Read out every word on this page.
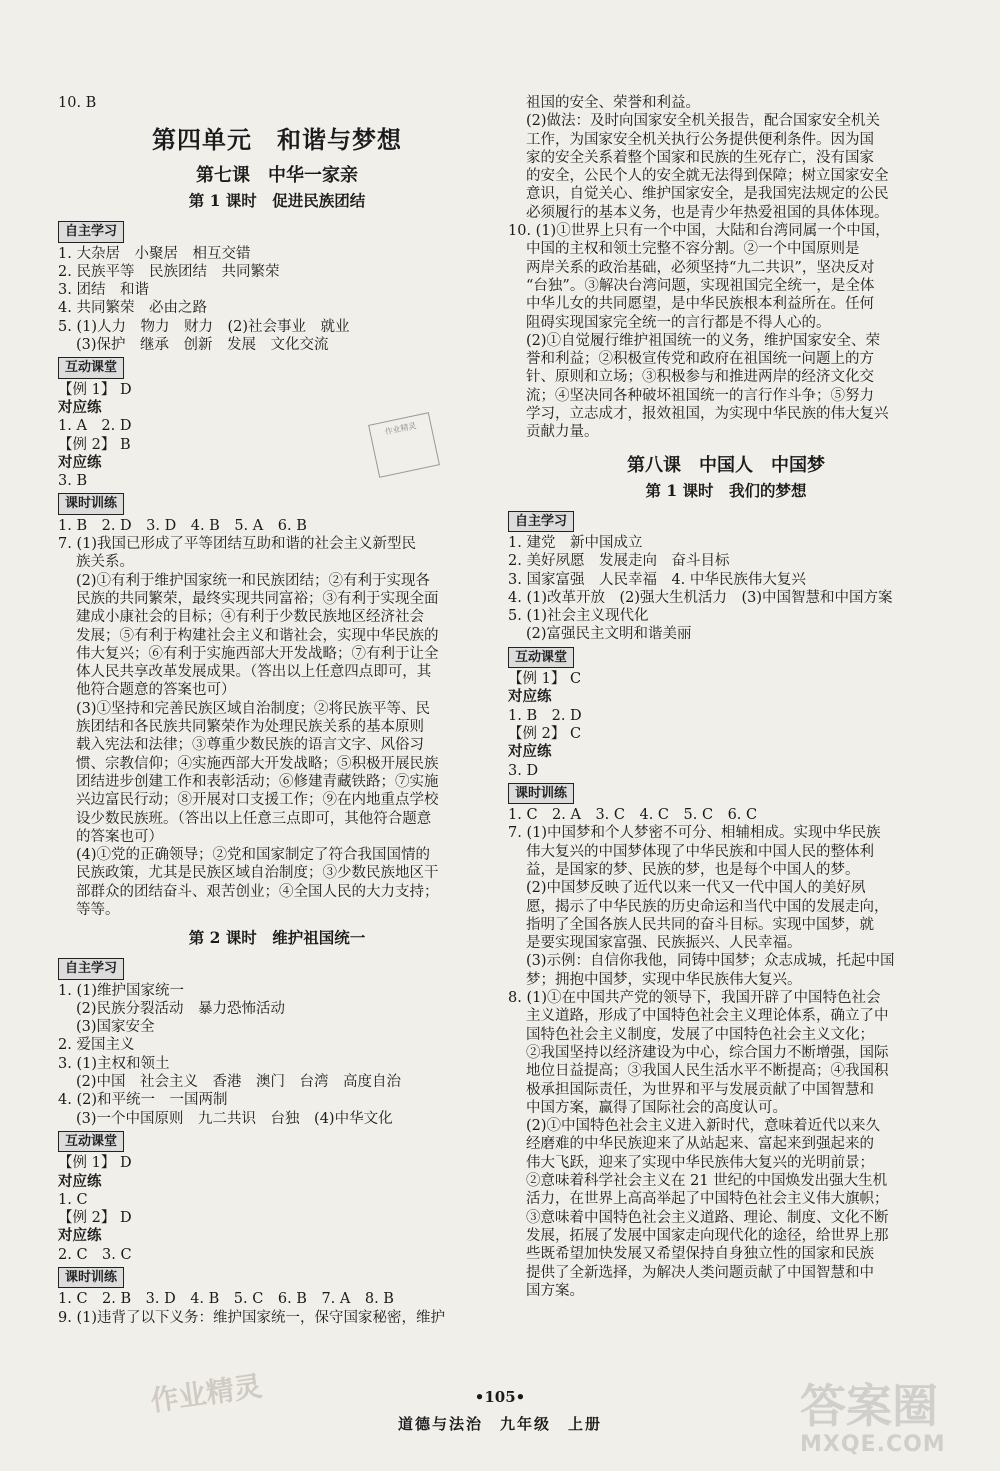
10. B

第四单元　和谐与梦想
第七课　中华一家亲
第 1 课时　促进民族团结
自主学习

1. 大杂居　小聚居　相互交错

2. 民族平等　民族团结　共同繁荣

3. 团结　和谐

4. 共同繁荣　必由之路

5. (1)人力　物力　财力　(2)社会事业　就业

(3)保护　继承　创新　发展　文化交流

互动课堂

【例 1】 D

对应练

1. A　2. D

【例 2】 B

对应练

3. B

课时训练

1. B　2. D　3. D　4. B　5. A　6. B

7. (1)我国已形成了平等团结互助和谐的社会主义新型民

族关系。

(2)①有利于维护国家统一和民族团结；②有利于实现各

民族的共同繁荣，最终实现共同富裕；③有利于实现全面

建成小康社会的目标；④有利于少数民族地区经济社会

发展；⑤有利于构建社会主义和谐社会，实现中华民族的

伟大复兴；⑥有利于实施西部大开发战略；⑦有利于让全

体人民共享改革发展成果。（答出以上任意四点即可，其

他符合题意的答案也可）

(3)①坚持和完善民族区域自治制度；②将民族平等、民

族团结和各民族共同繁荣作为处理民族关系的基本原则

载入宪法和法律；③尊重少数民族的语言文字、风俗习

惯、宗教信仰；④实施西部大开发战略；⑤积极开展民族

团结进步创建工作和表彰活动；⑥修建青藏铁路；⑦实施

兴边富民行动；⑧开展对口支援工作；⑨在内地重点学校

设少数民族班。（答出以上任意三点即可，其他符合题意

的答案也可）

(4)①党的正确领导；②党和国家制定了符合我国国情的

民族政策，尤其是民族区域自治制度；③少数民族地区干

部群众的团结奋斗、艰苦创业；④全国人民的大力支持；

等等。

第 2 课时　维护祖国统一
自主学习

1. (1)维护国家统一

(2)民族分裂活动　暴力恐怖活动

(3)国家安全

2. 爱国主义

3. (1)主权和领土

(2)中国　社会主义　香港　澳门　台湾　高度自治

4. (2)和平统一　一国两制

(3)一个中国原则　九二共识　台独　(4)中华文化

互动课堂

【例 1】 D

对应练

1. C

【例 2】 D

对应练

2. C　3. C

课时训练

1. C　2. B　3. D　4. B　5. C　6. B　7. A　8. B

9. (1)违背了以下义务：维护国家统一，保守国家秘密，维护

祖国的安全、荣誉和利益。

(2)做法：及时向国家安全机关报告，配合国家安全机关

工作，为国家安全机关执行公务提供便利条件。因为国

家的安全关系着整个国家和民族的生死存亡，没有国家

的安全，公民个人的安全就无法得到保障；树立国家安全

意识，自觉关心、维护国家安全，是我国宪法规定的公民

必须履行的基本义务，也是青少年热爱祖国的具体体现。

10. (1)①世界上只有一个中国，大陆和台湾同属一个中国，

中国的主权和领土完整不容分割。②一个中国原则是

两岸关系的政治基础，必须坚持“九二共识”，坚决反对

“台独”。③解决台湾问题，实现祖国完全统一，是全体

中华儿女的共同愿望，是中华民族根本利益所在。任何

阻碍实现国家完全统一的言行都是不得人心的。

(2)①自觉履行维护祖国统一的义务，维护国家安全、荣

誉和利益；②积极宣传党和政府在祖国统一问题上的方

针、原则和立场；③积极参与和推进两岸的经济文化交

流；④坚决同各种破坏祖国统一的言行作斗争；⑤努力

学习，立志成才，报效祖国，为实现中华民族的伟大复兴

贡献力量。

第八课　中国人　中国梦
第 1 课时　我们的梦想
自主学习

1. 建党　新中国成立

2. 美好夙愿　发展走向　奋斗目标

3. 国家富强　人民幸福　4. 中华民族伟大复兴

4. (1)改革开放　(2)强大生机活力　(3)中国智慧和中国方案

5. (1)社会主义现代化

(2)富强民主文明和谐美丽

互动课堂

【例 1】 C

对应练

1. B　2. D

【例 2】 C

对应练

3. D

课时训练

1. C　2. A　3. C　4. C　5. C　6. C

7. (1)中国梦和个人梦密不可分、相辅相成。实现中华民族

伟大复兴的中国梦体现了中华民族和中国人民的整体利

益，是国家的梦、民族的梦，也是每个中国人的梦。

(2)中国梦反映了近代以来一代又一代中国人的美好夙

愿，揭示了中华民族的历史命运和当代中国的发展走向，

指明了全国各族人民共同的奋斗目标。实现中国梦，就

是要实现国家富强、民族振兴、人民幸福。

(3)示例：自信你我他，同铸中国梦；众志成城，托起中国

梦；拥抱中国梦，实现中华民族伟大复兴。

8. (1)①在中国共产党的领导下，我国开辟了中国特色社会

主义道路，形成了中国特色社会主义理论体系，确立了中

国特色社会主义制度，发展了中国特色社会主义文化；

②我国坚持以经济建设为中心，综合国力不断增强，国际

地位日益提高；③我国人民生活水平不断提高；④我国积

极承担国际责任，为世界和平与发展贡献了中国智慧和

中国方案，赢得了国际社会的高度认可。

(2)①中国特色社会主义进入新时代，意味着近代以来久

经磨难的中华民族迎来了从站起来、富起来到强起来的

伟大飞跃，迎来了实现中华民族伟大复兴的光明前景；

②意味着科学社会主义在 21 世纪的中国焕发出强大生机

活力，在世界上高高举起了中国特色社会主义伟大旗帜；

③意味着中国特色社会主义道路、理论、制度、文化不断

发展，拓展了发展中国家走向现代化的途径，给世界上那

些既希望加快发展又希望保持自身独立性的国家和民族

提供了全新选择，为解决人类问题贡献了中国智慧和中

国方案。

作业精灵
作业精灵	•105•
道德与法治　九年级　上册	答案圈
MXQE.COM
